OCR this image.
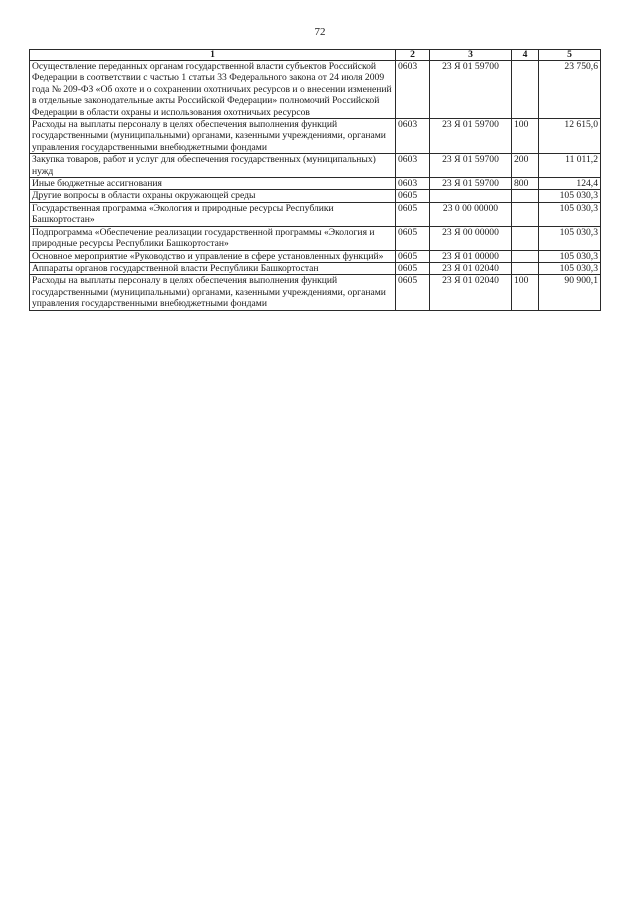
72
1	2	3	4	5
Осуществление переданных органам государственной власти субъектов Российской Федерации в соответствии с частью 1 статьи 33 Федерального закона от 24 июля 2009 года № 209-ФЗ «Об охоте и о сохранении охотничьих ресурсов и о внесении изменений в отдельные законодательные акты Российской Федерации» полномочий Российской Федерации в области охраны и использования охотничьих ресурсов	0603	23 Я 01 59700		23 750,6
Расходы на выплаты персоналу в целях обеспечения выполнения функций государственными (муниципальными) органами, казенными учреждениями, органами управления государственными внебюджетными фондами	0603	23 Я 01 59700	100	12 615,0
Закупка товаров, работ и услуг для обеспечения государственных (муниципальных) нужд	0603	23 Я 01 59700	200	11 011,2
Иные бюджетные ассигнования	0603	23 Я 01 59700	800	124,4
Другие вопросы в области охраны окружающей среды	0605			105 030,3
Государственная программа «Экология и природные ресурсы Республики Башкортостан»	0605	23 0 00 00000		105 030,3
Подпрограмма «Обеспечение реализации государственной программы «Экология и природные ресурсы Республики Башкортостан»	0605	23 Я 00 00000		105 030,3
Основное мероприятие «Руководство и управление в сфере установленных функций»	0605	23 Я 01 00000		105 030,3
Аппараты органов государственной власти Республики Башкортостан	0605	23 Я 01 02040		105 030,3
Расходы на выплаты персоналу в целях обеспечения выполнения функций государственными (муниципальными) органами, казенными учреждениями, органами управления государственными внебюджетными фондами	0605	23 Я 01 02040	100	90 900,1
